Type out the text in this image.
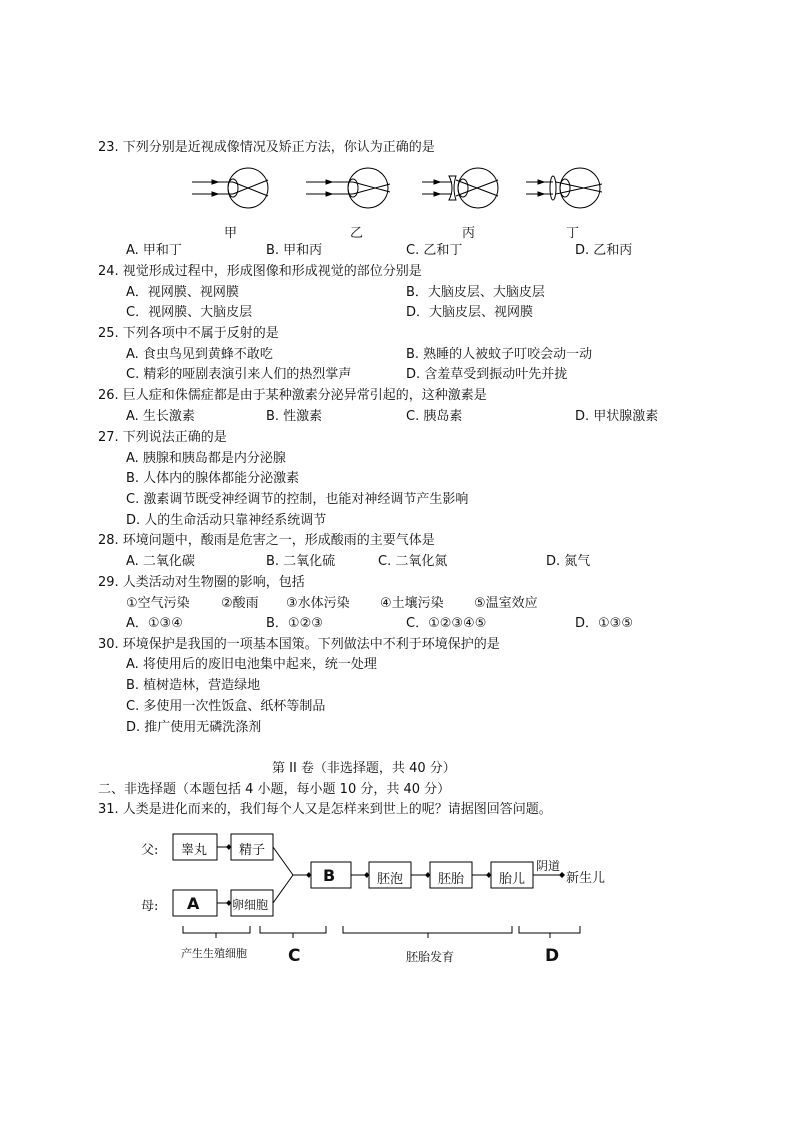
23. 下列分别是近视成像情况及矫正方法，你认为正确的是
甲	乙	丙	丁
A. 甲和丁	B. 甲和丙	C. 乙和丁	D. 乙和丙
24. 视觉形成过程中，形成图像和形成视觉的部位分别是
A．视网膜、视网膜	B．大脑皮层、大脑皮层
C．视网膜、大脑皮层	D．大脑皮层、视网膜
25. 下列各项中不属于反射的是
A. 食虫鸟见到黄蜂不敢吃	B. 熟睡的人被蚊子叮咬会动一动
C. 精彩的哑剧表演引来人们的热烈掌声	D. 含羞草受到振动叶先并拢
26. 巨人症和侏儒症都是由于某种激素分泌异常引起的，这种激素是
A. 生长激素	B. 性激素	C. 胰岛素	D. 甲状腺激素
27. 下列说法正确的是
A. 胰腺和胰岛都是内分泌腺
B. 人体内的腺体都能分泌激素
C. 激素调节既受神经调节的控制，也能对神经调节产生影响
D. 人的生命活动只靠神经系统调节
28. 环境问题中，酸雨是危害之一，形成酸雨的主要气体是
A. 二氧化碳	B. 二氧化硫	C. 二氧化氮	D. 氮气
29. 人类活动对生物圈的影响，包括
①空气污染 ②酸雨 ③水体污染 ④土壤污染 ⑤温室效应
A．①③④	B．①②③	C．①②③④⑤	D．①③⑤
30. 环境保护是我国的一项基本国策。下列做法中不利于环境保护的是
A. 将使用后的废旧电池集中起来，统一处理
B. 植树造林，营造绿地
C. 多使用一次性饭盒、纸杯等制品
D. 推广使用无磷洗涤剂
第 II 卷（非选择题，共 40 分）
二、非选择题（本题包括 4 小题，每小题 10 分，共 40 分）
31. 人类是进化而来的，我们每个人又是怎样来到世上的呢？请据图回答问题。
父:
母:
睾丸 精子
A	卵细胞
B	胚泡	胚胎	胎儿
阴道
新生儿
产生生殖细胞 C	胚胎发育	D
